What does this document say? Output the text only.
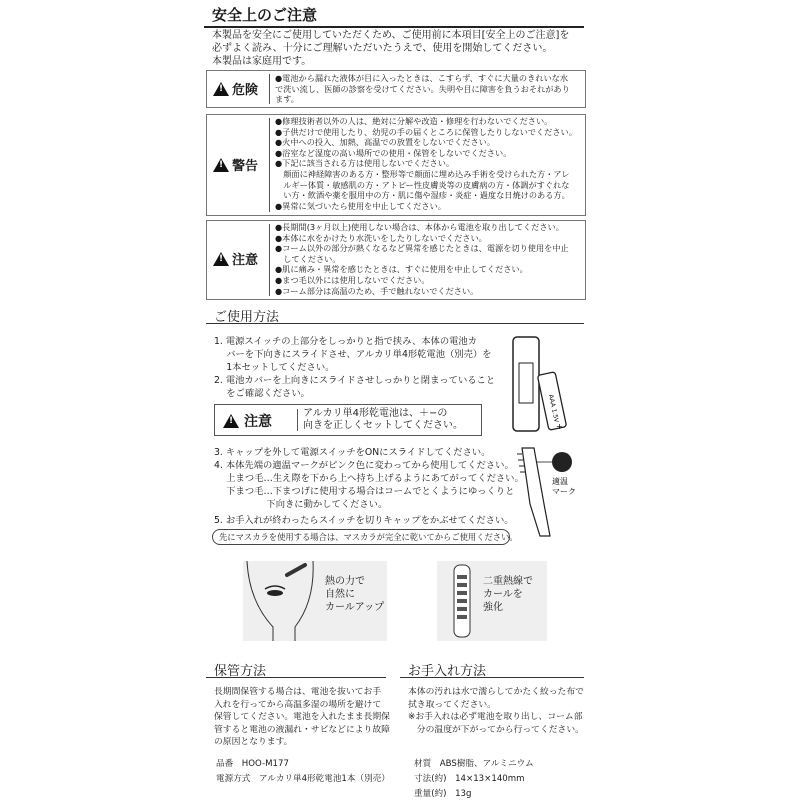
安全上のご注意
本製品を安全にご使用していただくため、ご使用前に本項目[安全上のご注意]を
必ずよく読み、十分にご理解いただいたうえで、使用を開始してください。
本製品は家庭用です。
!
危険
●電池から漏れた液体が目に入ったときは、こすらず、すぐに大量のきれいな水
で洗い流し、医師の診察を受けてください。失明や目に障害を負うおそれがあり
ます。
!
警告
●修理技術者以外の人は、絶対に分解や改造・修理を行わないでください。
●子供だけで使用したり、幼児の手の届くところに保管したりしないでください。
●火中への投入、加熱、高温での放置をしないでください。
●浴室など湿度の高い場所での使用・保管をしないでください。
●下記に該当される方は使用しないでください。
　顔面に神経障害のある方・整形等で顔面に埋め込み手術を受けられた方・アレ
　ルギー体質・敏感肌の方・アトピー性皮膚炎等の皮膚病の方・体調がすぐれな
　い方・飲酒や薬を服用中の方・肌に傷や湿疹・炎症・過度な日焼けのある方。
●異常に気づいたら使用を中止してください。
!
注意
●長期間(3ヶ月以上)使用しない場合は、本体から電池を取り出してください。
●本体に水をかけたり水洗いをしたりしないでください。
●コーム以外の部分が熱くなるなど異常を感じたときは、電源を切り使用を中止
　してください。
●肌に痛み・異常を感じたときは、すぐに使用を中止してください。
●まつ毛以外には使用しないでください。
●コーム部分は高温のため、手で触れないでください。
ご使用方法
1. 電源スイッチの上部分をしっかりと指で挟み、本体の電池カ
　 バーを下向きにスライドさせ、アルカリ単4形乾電池（別売）を
　 1本セットしてください。
2. 電池カバーを上向きにスライドさせしっかりと閉まっていること
　 をご確認ください。
AAA 1.5V
+
!
注意
アルカリ単4形乾電池は、＋−の
向きを正しくセットしてください。
3. キャップを外して電源スイッチをONにスライドしてください。
4. 本体先端の適温マークがピンク色に変わってから使用してください。
　 上まつ毛…生え際を下から上へ持ち上げるようにあてがってください。
　 下まつ毛…下まつげに使用する場合はコームでとくようにゆっくりと
　 　　　　 下向きに動かしてください。
5. お手入れが終わったらスイッチを切りキャップをかぶせてください。
適温
マーク
先にマスカラを使用する場合は、マスカラが完全に乾いてからご使用ください。
熱の力で
自然に
カールアップ
二重熱線で
カールを
強化
保管方法
長期間保管する場合は、電池を抜いてお手
入れを行ってから高温多湿の場所を避けて
保管してください。電池を入れたまま長期保
管すると電池の液漏れ・サビなどにより故障
の原因となります。
お手入れ方法
本体の汚れは水で濡らしてかたく絞った布で
拭き取ってください。
※お手入れは必ず電池を取り出し、コーム部
　分の温度が下がってから行ってください。
品番　HOO-M177
電源方式　アルカリ単4形乾電池1本（別売）
材質　ABS樹脂、アルミニウム
寸法(約)　14×13×140mm
重量(約)　13g
